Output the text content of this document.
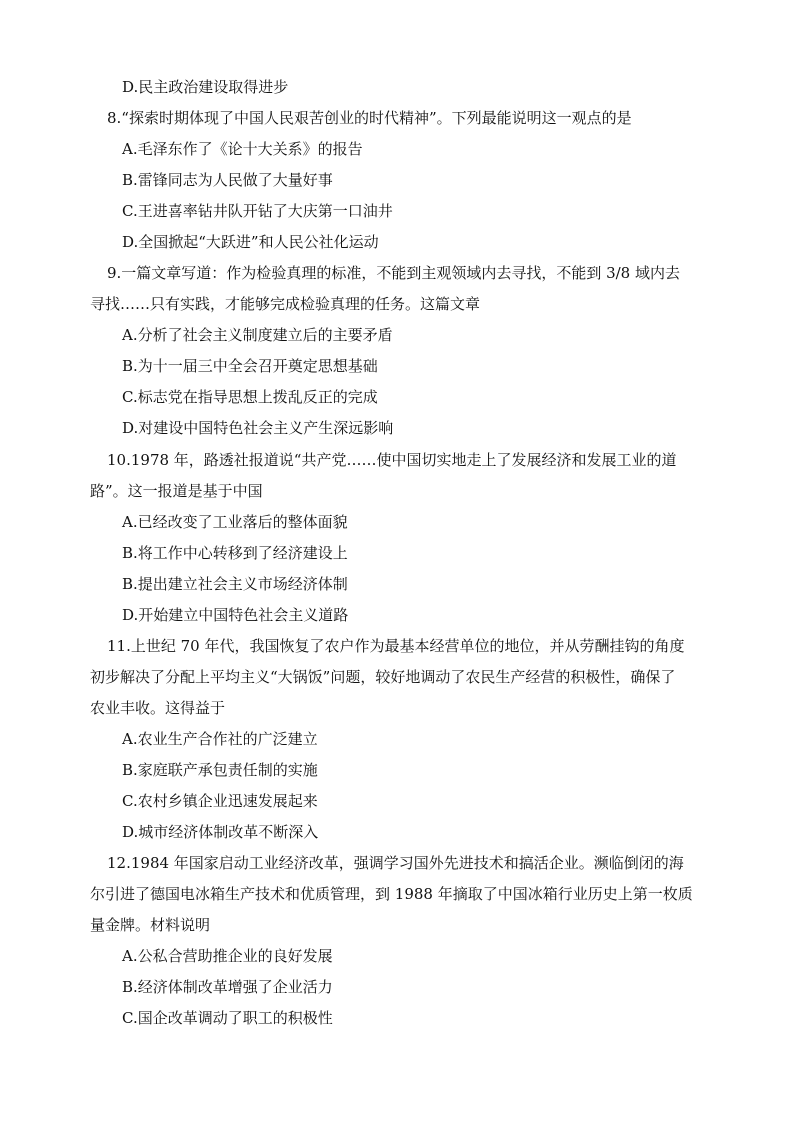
D.民主政治建设取得进步
8.“探索时期体现了中国人民艰苦创业的时代精神”。下列最能说明这一观点的是
A.毛泽东作了《论十大关系》的报告
B.雷锋同志为人民做了大量好事
C.王进喜率钻井队开钻了大庆第一口油井
D.全国掀起“大跃进”和人民公社化运动
9.一篇文章写道：作为检验真理的标准，不能到主观领域内去寻找，不能到 3/8 域内去
寻找……只有实践，才能够完成检验真理的任务。这篇文章
A.分析了社会主义制度建立后的主要矛盾
B.为十一届三中全会召开奠定思想基础
C.标志党在指导思想上拨乱反正的完成
D.对建设中国特色社会主义产生深远影响
10.1978 年，路透社报道说“共产党……使中国切实地走上了发展经济和发展工业的道
路”。这一报道是基于中国
A.已经改变了工业落后的整体面貌
B.将工作中心转移到了经济建设上
B.提出建立社会主义市场经济体制
D.开始建立中国特色社会主义道路
11.上世纪 70 年代，我国恢复了农户作为最基本经营单位的地位，并从劳酬挂钩的角度
初步解决了分配上平均主义“大锅饭”问题，较好地调动了农民生产经营的积极性，确保了
农业丰收。这得益于
A.农业生产合作社的广泛建立
B.家庭联产承包责任制的实施
C.农村乡镇企业迅速发展起来
D.城市经济体制改革不断深入
12.1984 年国家启动工业经济改革，强调学习国外先进技术和搞活企业。濒临倒闭的海
尔引进了德国电冰箱生产技术和优质管理，到 1988 年摘取了中国冰箱行业历史上第一枚质
量金牌。材料说明
A.公私合营助推企业的良好发展
B.经济体制改革增强了企业活力
C.国企改革调动了职工的积极性
